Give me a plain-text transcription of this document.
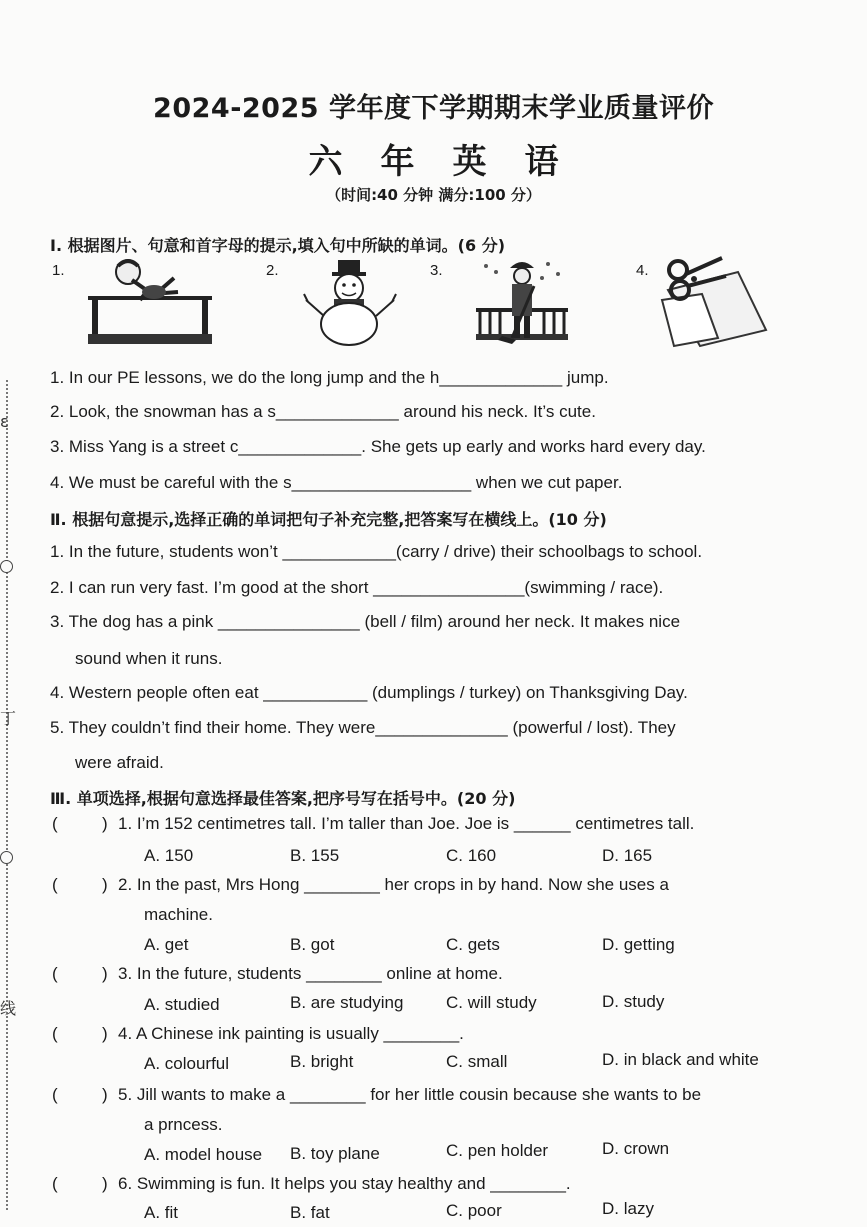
ε
丁
线
2024-2025 学年度下学期期末学业质量评价
六年英语
（时间:40 分钟 满分:100 分）
Ⅰ. 根据图片、句意和首字母的提示,填入句中所缺的单词。(6 分)
1.	2.	3.	4.
1. In our PE lessons, we do the long jump and the h_____________ jump.
2. Look, the snowman has a s_____________ around his neck. It’s cute.
3. Miss Yang is a street c_____________. She gets up early and works hard every day.
4. We must be careful with the s___________________ when we cut paper.
Ⅱ. 根据句意提示,选择正确的单词把句子补充完整,把答案写在横线上。(10 分)
1. In the future, students won’t ____________(carry / drive) their schoolbags to school.
2. I can run very fast. I’m good at the short ________________(swimming / race).
3. The dog has a pink _______________ (bell / film) around her neck. It makes nice
sound when it runs.
4. Western people often eat ___________ (dumplings / turkey) on Thanksgiving Day.
5. They couldn’t find their home. They were______________ (powerful / lost). They
were afraid.
Ⅲ. 单项选择,根据句意选择最佳答案,把序号写在括号中。(20 分)
(	) 1. I’m 152 centimetres tall. I’m taller than Joe. Joe is ______ centimetres tall.
A. 150	B. 155	C. 160	D. 165
(	) 2. In the past, Mrs Hong ________ her crops in by hand. Now she uses a
machine.
A. get	B. got	C. gets	D. getting
(	) 3. In the future, students ________ online at home.
A. studied	B. are studying	C. will study	D. study
(	) 4. A Chinese ink painting is usually ________.
A. colourful	B. bright	C. small	D. in black and white
(	) 5. Jill wants to make a ________ for her little cousin because she wants to be
a prncess.
A. model house B. toy plane	C. pen holder	D. crown
(	) 6. Swimming is fun. It helps you stay healthy and ________.
A. fit	B. fat	C. poor	D. lazy
